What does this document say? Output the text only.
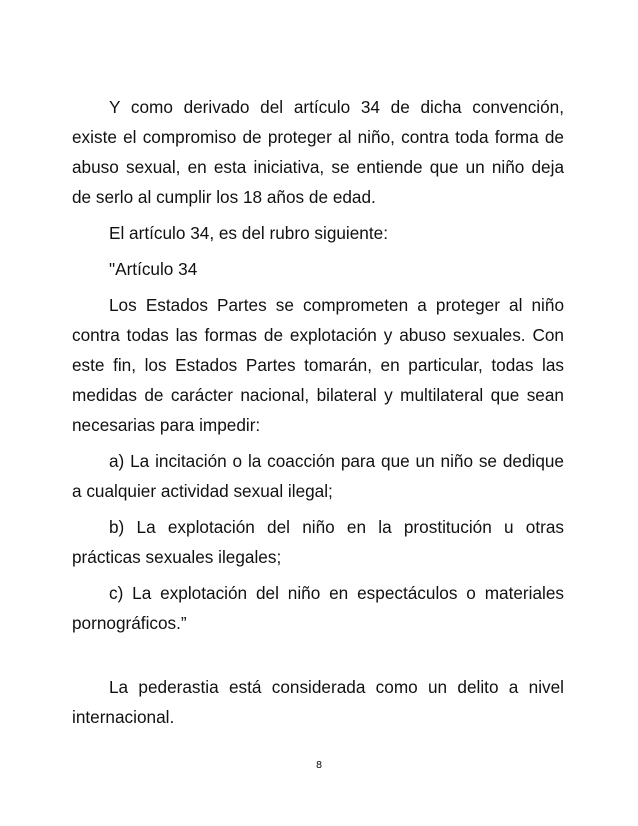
Y como derivado del artículo 34 de dicha convención, existe el compromiso de proteger al niño, contra toda forma de abuso sexual, en esta iniciativa, se entiende que un niño deja de serlo al cumplir los 18 años de edad.

El artículo 34, es del rubro siguiente:

"Artículo 34

Los Estados Partes se comprometen a proteger al niño contra todas las formas de explotación y abuso sexuales. Con este fin, los Estados Partes tomarán, en particular, todas las medidas de carácter nacional, bilateral y multilateral que sean necesarias para impedir:

a) La incitación o la coacción para que un niño se dedique a cualquier actividad sexual ilegal;

b) La explotación del niño en la prostitución u otras prácticas sexuales ilegales;

c) La explotación del niño en espectáculos o materiales pornográficos.”

La pederastia está considerada como un delito a nivel internacional.

8
